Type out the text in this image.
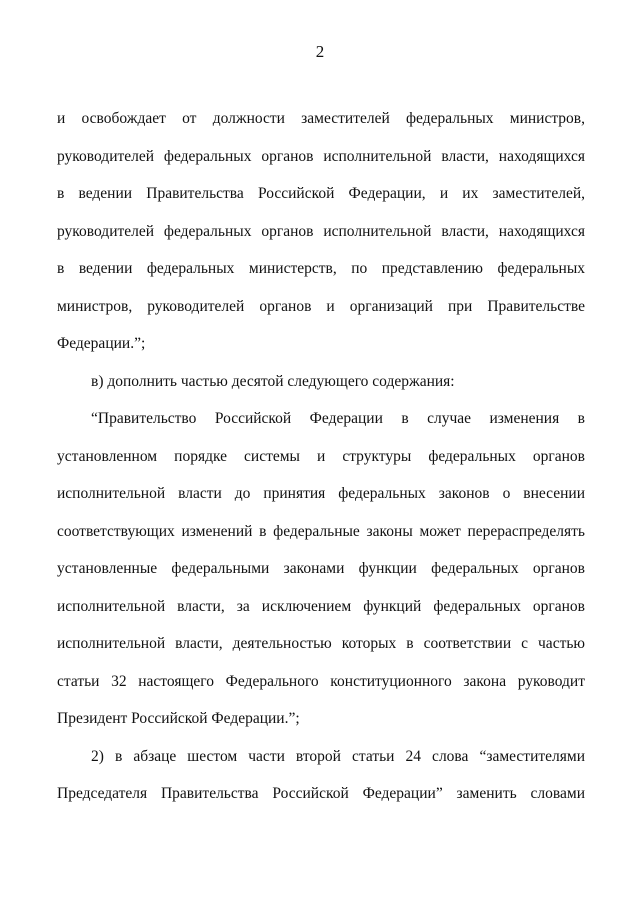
2
и освобождает от должности заместителей федеральных министров,
руководителей федеральных органов исполнительной власти, находящихся
в ведении Правительства Российской Федерации, и их заместителей,
руководителей федеральных органов исполнительной власти, находящихся
в ведении федеральных министерств, по представлению федеральных
министров, руководителей органов и организаций при Правительстве
Федерации.”;
в) дополнить частью десятой следующего содержания:
“Правительство Российской Федерации в случае изменения в
установленном порядке системы и структуры федеральных органов
исполнительной власти до принятия федеральных законов о внесении
соответствующих изменений в федеральные законы может перераспределять
установленные федеральными законами функции федеральных органов
исполнительной власти, за исключением функций федеральных органов
исполнительной власти, деятельностью которых в соответствии с частью
статьи 32 настоящего Федерального конституционного закона руководит
Президент Российской Федерации.”;
2) в абзаце шестом части второй статьи 24 слова “заместителями
Председателя Правительства Российской Федерации” заменить словами
